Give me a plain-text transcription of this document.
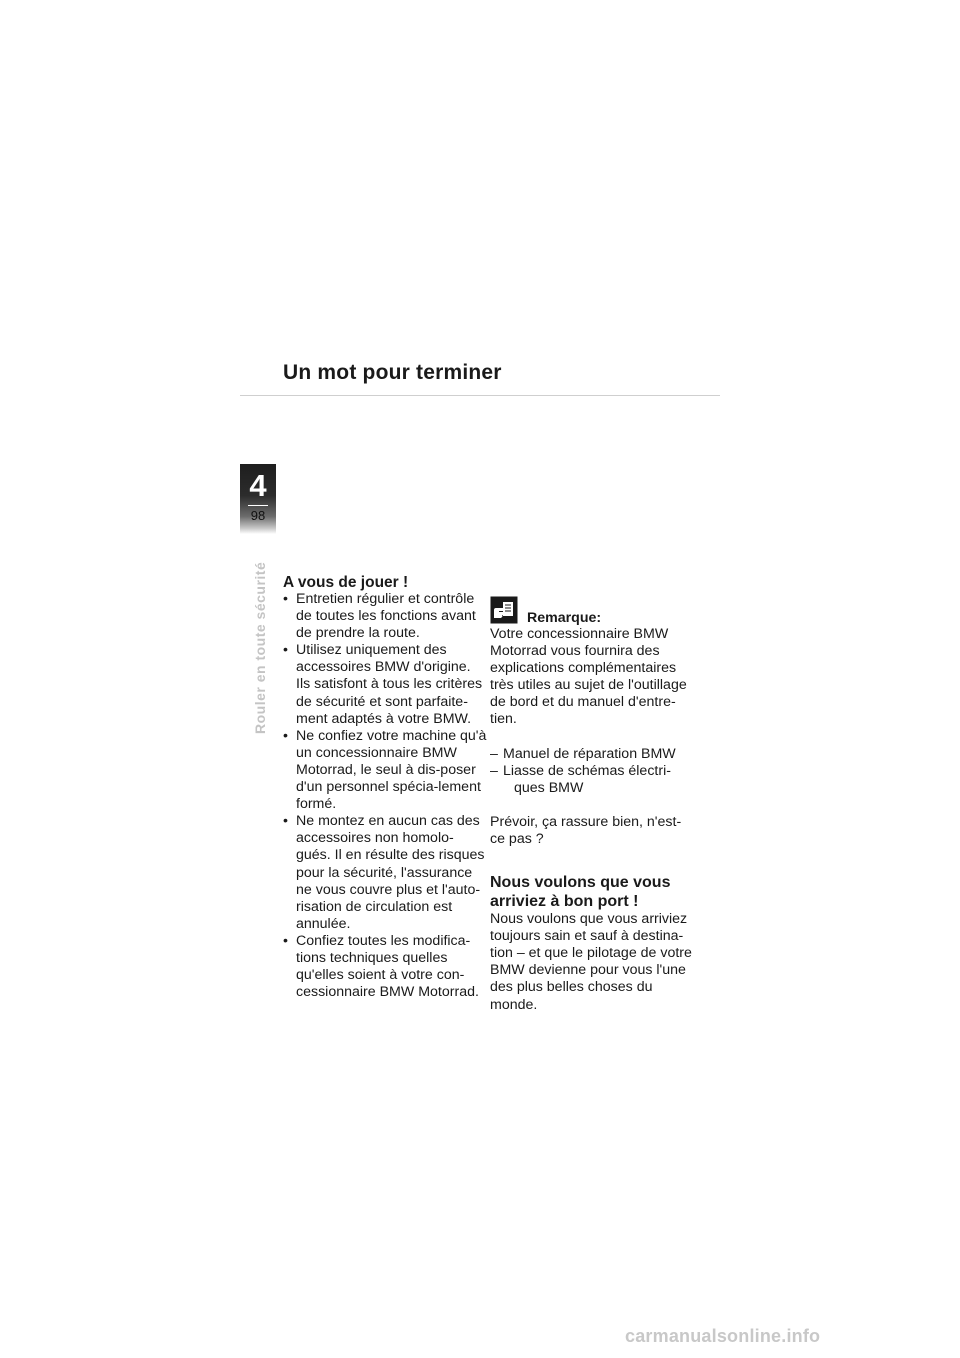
Un mot pour terminer
4
98
Rouler en toute sécurité A vous de jouer !
• Entretien régulier et contrôle de toutes les fonctions avant de prendre la route.
• Utilisez uniquement des accessoires BMW d'origine. Ils satisfont à tous les critères de sécurité et sont parfaite-ment adaptés à votre BMW.
• Ne confiez votre machine qu'à un concessionnaire BMW Motorrad, le seul à dis-poser d'un personnel spécia-lement formé.
• Ne montez en aucun cas des accessoires non homolo-gués. Il en résulte des risques pour la sécurité, l'assurance ne vous couvre plus et l'auto-risation de circulation est annulée.
• Confiez toutes les modifica-tions techniques quelles qu'elles soient à votre con-cessionnaire BMW Motorrad.
Remarque:

Votre concessionnaire BMW Motorrad vous fournira des explications complémentaires très utiles au sujet de l'outillage de bord et du manuel d'entre-tien.

– Manuel de réparation BMW
– Liasse de schémas électri-ques BMW

Prévoir, ça rassure bien, n'est-ce pas ?

Nous voulons que vous arriviez à bon port !

Nous voulons que vous arriviez toujours sain et sauf à destina-tion – et que le pilotage de votre BMW devienne pour vous l'une des plus belles choses du monde.

carmanualsonline.info
